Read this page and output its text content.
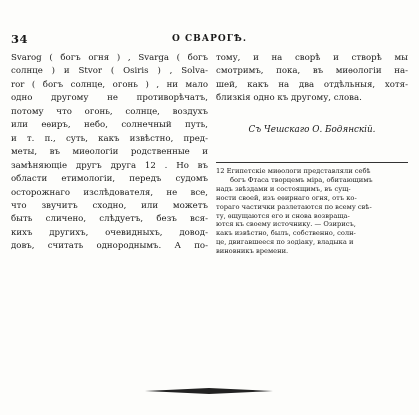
34	О СВАРОГѢ.
Svarog ( богъ огня ) , Svarga ( богъ
солнце ) и Stvor ( Osiris ) , Solva-
ror ( богъ солнце, огонь ) , ни мало
одно другому не противорѣчатъ,
потому что огонь, солнце, воздухъ
или еѳиръ, небо, солнечный путь,
и т. п., суть, какъ извѣстно, пред-
меты, въ миѳологіи родственные и
замѣняющіе другъ друга 12 . Но въ
области етимологіи, передъ судомъ
осторожнаго изслѣдователя, не все,
что звучитъ сходно, или можетъ
быть сличено, слѣдуетъ, безъ вся-
кихъ другихъ, очевидныхъ, довод-
довъ, считать однороднымъ. А по-
тому, и на сворѣ и створѣ мы
смотримъ, пока, въ миѳологіи на-
шей, какъ на два отдѣльныя, хотя-
близкія одно къ другому, слова.
Съ Чешскаго О. Бодянскій.
12 Египетскіе миѳологи представляли себѣ
богъ Фтаса творцемъ міра, обитающимъ
надъ звѣздами и состоящимъ, въ сущ-
ности своей, изъ еѳирнаго огня, отъ ко-
тораго частички разлетаются по всему свѣ-
ту, ѳщущаются его и снова возвраща-
ются къ своему источнику. — Озирисъ,
какъ извѣстно, былъ, собственно, солн-
це, двигавшееся по зодіаку, владыка и
виновникъ времени.
